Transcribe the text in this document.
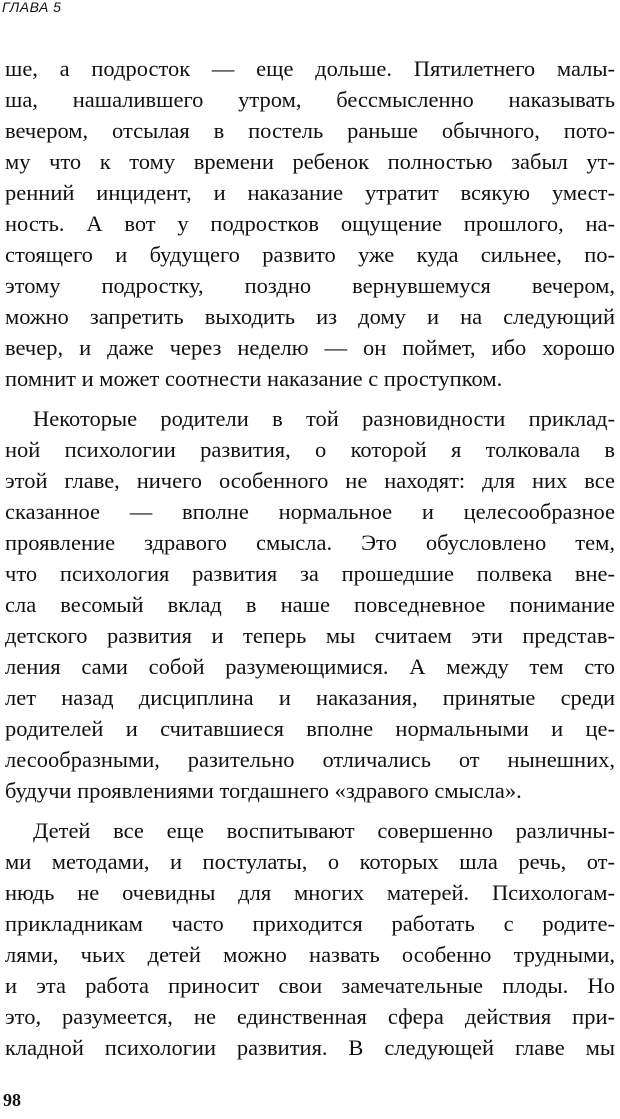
ГЛАВА 5
ше, а подросток — еще дольше. Пятилетнего малы-
ша, нашалившего утром, бессмысленно наказывать
вечером, отсылая в постель раньше обычного, пото-
му что к тому времени ребенок полностью забыл ут-
ренний инцидент, и наказание утратит всякую умест-
ность. А вот у подростков ощущение прошлого, на-
стоящего и будущего развито уже куда сильнее, по-
этому подростку, поздно вернувшемуся вечером,
можно запретить выходить из дому и на следующий
вечер, и даже через неделю — он поймет, ибо хорошо
помнит и может соотнести наказание с проступком.
Некоторые родители в той разновидности приклад-
ной психологии развития, о которой я толковала в
этой главе, ничего особенного не находят: для них все
сказанное — вполне нормальное и целесообразное
проявление здравого смысла. Это обусловлено тем,
что психология развития за прошедшие полвека вне-
сла весомый вклад в наше повседневное понимание
детского развития и теперь мы считаем эти представ-
ления сами собой разумеющимися. А между тем сто
лет назад дисциплина и наказания, принятые среди
родителей и считавшиеся вполне нормальными и це-
лесообразными, разительно отличались от нынешних,
будучи проявлениями тогдашнего «здравого смысла».
Детей все еще воспитывают совершенно различны-
ми методами, и постулаты, о которых шла речь, от-
нюдь не очевидны для многих матерей. Психологам-
прикладникам часто приходится работать с родите-
лями, чьих детей можно назвать особенно трудными,
и эта работа приносит свои замечательные плоды. Но
это, разумеется, не единственная сфера действия при-
кладной психологии развития. В следующей главе мы
98
